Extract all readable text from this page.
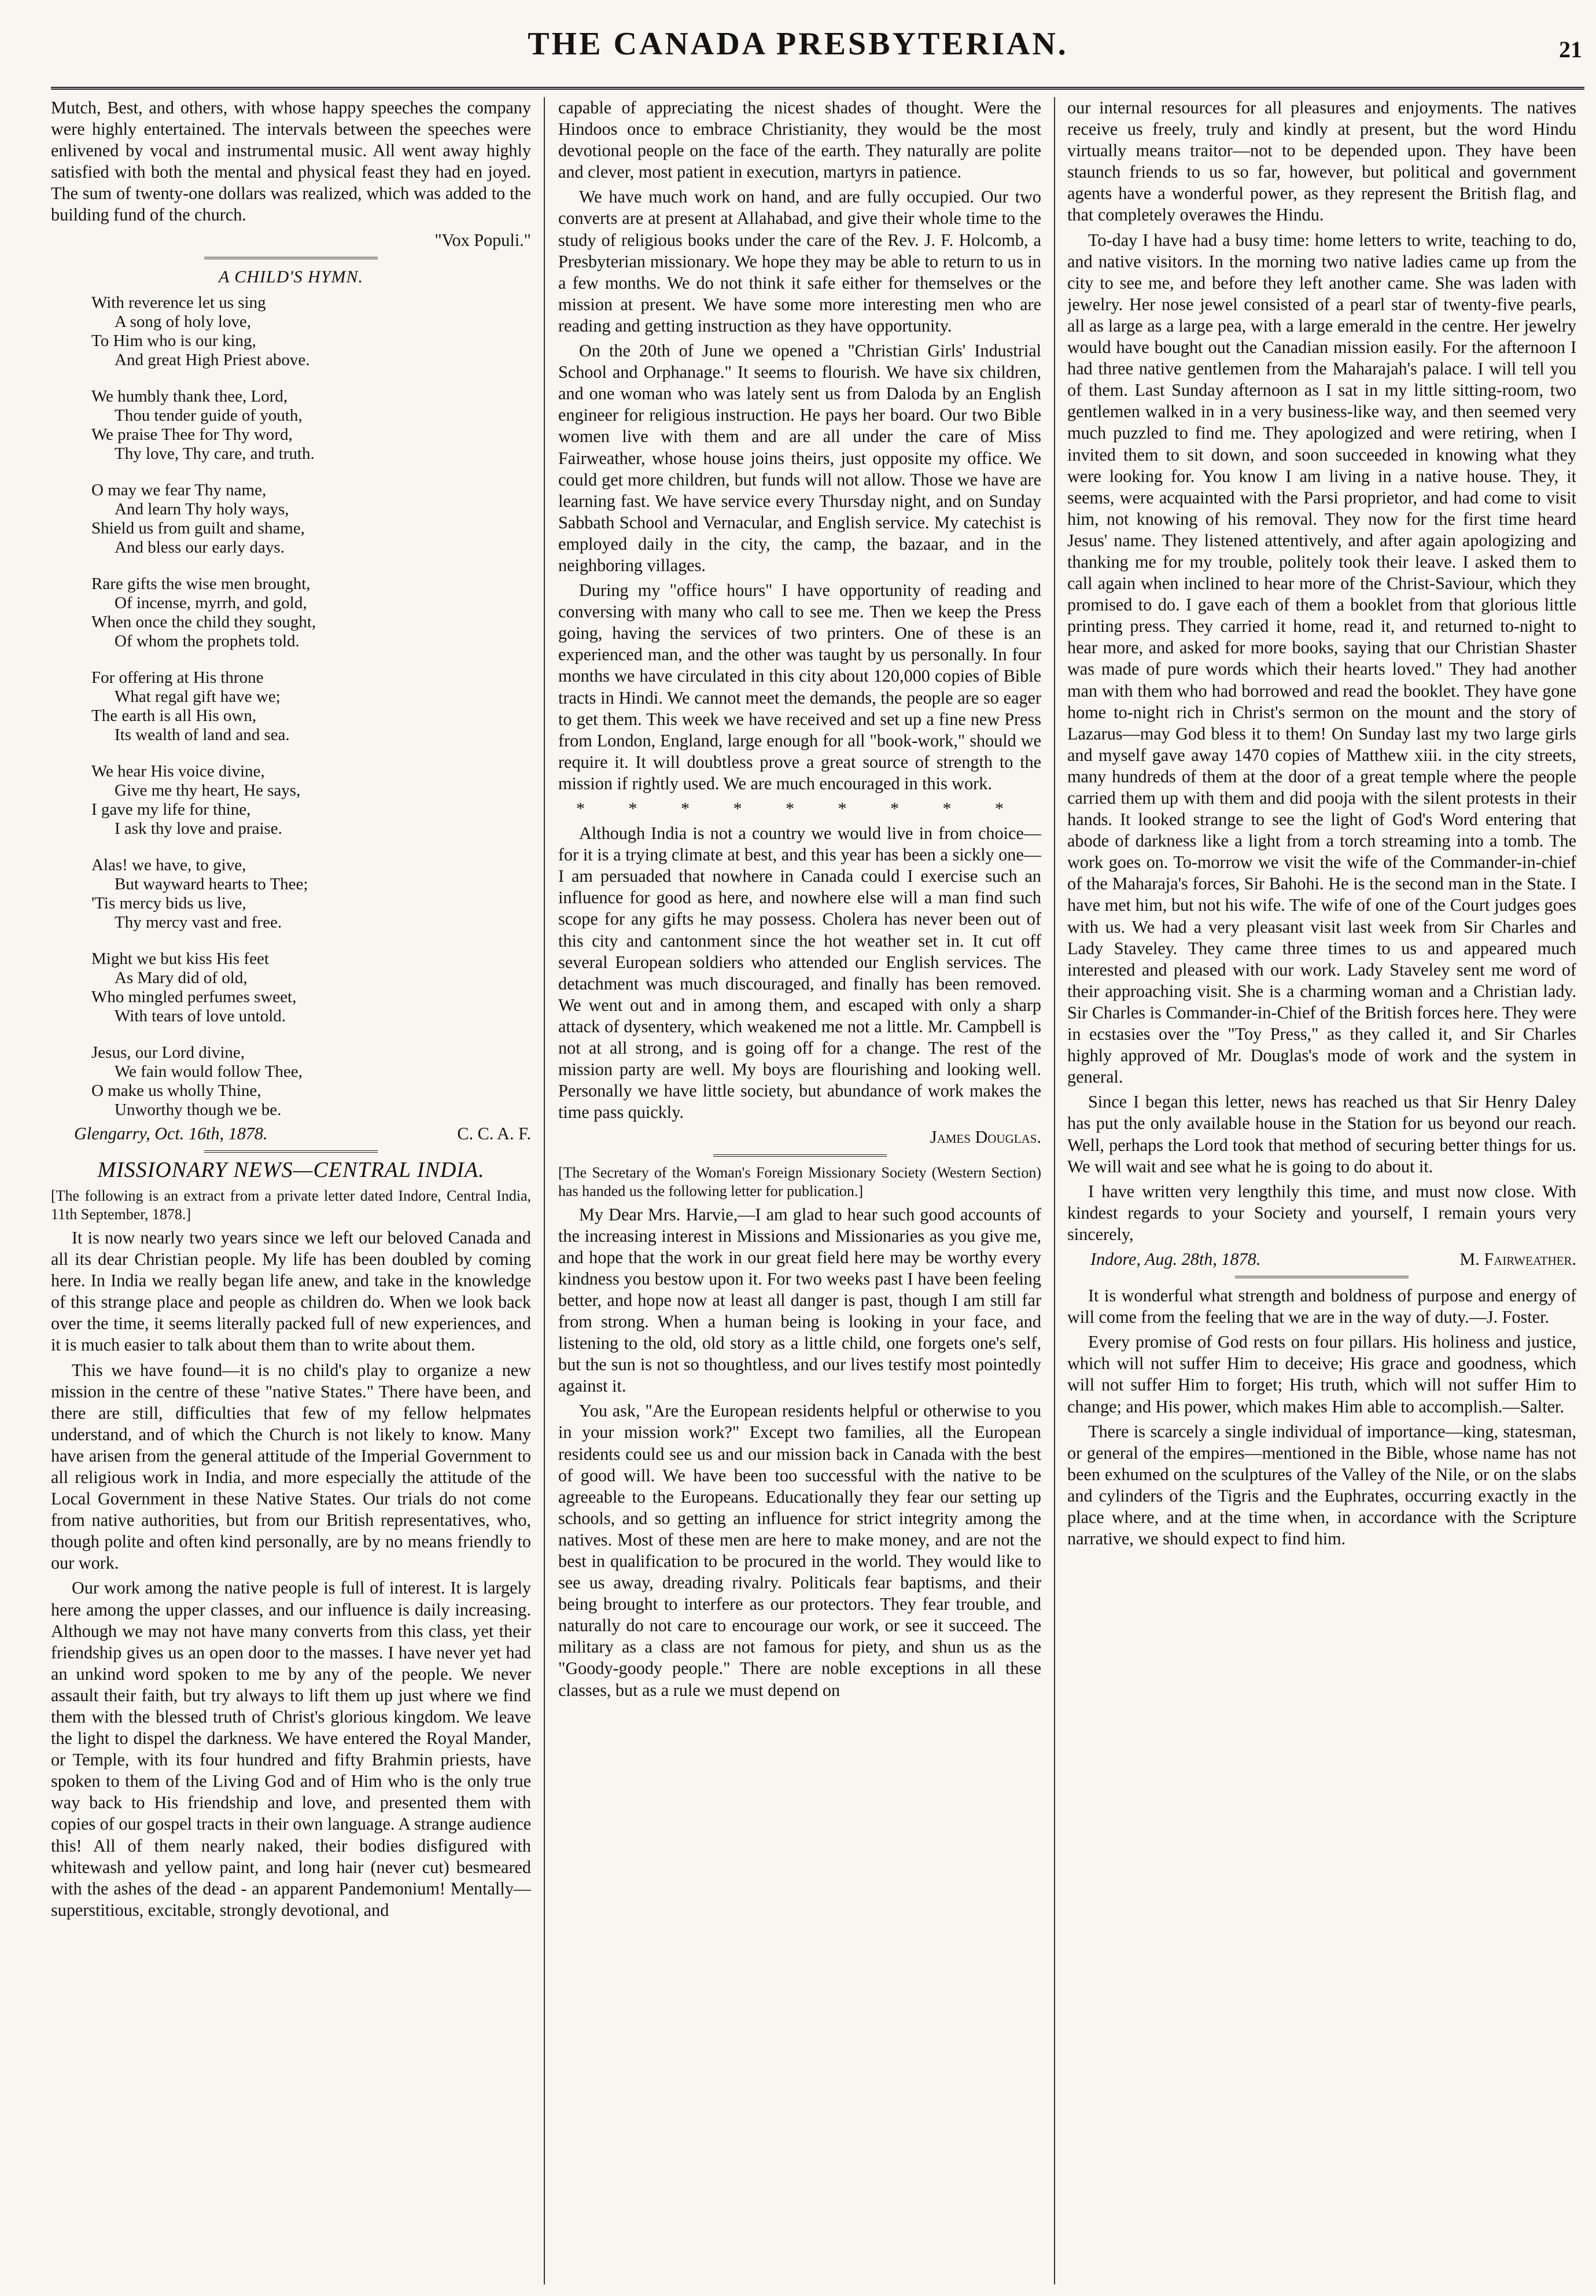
THE CANADA PRESBYTERIAN.	21

Mutch, Best, and others, with whose happy speeches the company were highly entertained. The intervals between the speeches were enlivened by vocal and instrumental music. All went away highly satisfied with both the mental and physical feast they had en joyed. The sum of twenty-one dollars was realized, which was added to the building fund of the church.

"Vox Populi."

A CHILD'S HYMN.
With reverence let us sing
A song of holy love,
To Him who is our king,
And great High Priest above.
We humbly thank thee, Lord,
Thou tender guide of youth,
We praise Thee for Thy word,
Thy love, Thy care, and truth.
O may we fear Thy name,
And learn Thy holy ways,
Shield us from guilt and shame,
And bless our early days.
Rare gifts the wise men brought,
Of incense, myrrh, and gold,
When once the child they sought,
Of whom the prophets told.
For offering at His throne
What regal gift have we;
The earth is all His own,
Its wealth of land and sea.
We hear His voice divine,
Give me thy heart, He says,
I gave my life for thine,
I ask thy love and praise.
Alas! we have, to give,
But wayward hearts to Thee;
'Tis mercy bids us live,
Thy mercy vast and free.
Might we but kiss His feet
As Mary did of old,
Who mingled perfumes sweet,
With tears of love untold.
Jesus, our Lord divine,
We fain would follow Thee,
O make us wholly Thine,
Unworthy though we be.
Glengarry, Oct. 16th, 1878.	C. C. A. F.
MISSIONARY NEWS—CENTRAL INDIA.

[The following is an extract from a private letter dated Indore, Central India, 11th September, 1878.]

It is now nearly two years since we left our beloved Canada and all its dear Christian people. My life has been doubled by coming here. In India we really began life anew, and take in the knowledge of this strange place and people as children do. When we look back over the time, it seems literally packed full of new experiences, and it is much easier to talk about them than to write about them.

This we have found—it is no child's play to organize a new mission in the centre of these "native States." There have been, and there are still, difficulties that few of my fellow helpmates understand, and of which the Church is not likely to know. Many have arisen from the general attitude of the Imperial Government to all religious work in India, and more especially the attitude of the Local Government in these Native States. Our trials do not come from native authorities, but from our British representatives, who, though polite and often kind personally, are by no means friendly to our work.

Our work among the native people is full of interest. It is largely here among the upper classes, and our influence is daily increasing. Although we may not have many converts from this class, yet their friendship gives us an open door to the masses. I have never yet had an unkind word spoken to me by any of the people. We never assault their faith, but try always to lift them up just where we find them with the blessed truth of Christ's glorious kingdom. We leave the light to dispel the darkness. We have entered the Royal Mander, or Temple, with its four hundred and fifty Brahmin priests, have spoken to them of the Living God and of Him who is the only true way back to His friendship and love, and presented them with copies of our gospel tracts in their own language. A strange audience this! All of them nearly naked, their bodies disfigured with whitewash and yellow paint, and long hair (never cut) besmeared with the ashes of the dead - an apparent Pandemonium! Mentally—superstitious, excitable, strongly devotional, and

capable of appreciating the nicest shades of thought. Were the Hindoos once to embrace Christianity, they would be the most devotional people on the face of the earth. They naturally are polite and clever, most patient in execution, martyrs in patience.

We have much work on hand, and are fully occupied. Our two converts are at present at Allahabad, and give their whole time to the study of religious books under the care of the Rev. J. F. Holcomb, a Presbyterian missionary. We hope they may be able to return to us in a few months. We do not think it safe either for themselves or the mission at present. We have some more interesting men who are reading and getting instruction as they have opportunity.

On the 20th of June we opened a "Christian Girls' Industrial School and Orphanage." It seems to flourish. We have six children, and one woman who was lately sent us from Daloda by an English engineer for religious instruction. He pays her board. Our two Bible women live with them and are all under the care of Miss Fairweather, whose house joins theirs, just opposite my office. We could get more children, but funds will not allow. Those we have are learning fast. We have service every Thursday night, and on Sunday Sabbath School and Vernacular, and English service. My catechist is employed daily in the city, the camp, the bazaar, and in the neighboring villages.

During my "office hours" I have opportunity of reading and conversing with many who call to see me. Then we keep the Press going, having the services of two printers. One of these is an experienced man, and the other was taught by us personally. In four months we have circulated in this city about 120,000 copies of Bible tracts in Hindi. We cannot meet the demands, the people are so eager to get them. This week we have received and set up a fine new Press from London, England, large enough for all "book-work," should we require it. It will doubtless prove a great source of strength to the mission if rightly used. We are much encouraged in this work.

* * * * * * * * *

Although India is not a country we would live in from choice—for it is a trying climate at best, and this year has been a sickly one—I am persuaded that nowhere in Canada could I exercise such an influence for good as here, and nowhere else will a man find such scope for any gifts he may possess. Cholera has never been out of this city and cantonment since the hot weather set in. It cut off several European soldiers who attended our English services. The detachment was much discouraged, and finally has been removed. We went out and in among them, and escaped with only a sharp attack of dysentery, which weakened me not a little. Mr. Campbell is not at all strong, and is going off for a change. The rest of the mission party are well. My boys are flourishing and looking well. Personally we have little society, but abundance of work makes the time pass quickly.

James Douglas.

[The Secretary of the Woman's Foreign Missionary Society (Western Section) has handed us the following letter for publication.]

My Dear Mrs. Harvie,—I am glad to hear such good accounts of the increasing interest in Missions and Missionaries as you give me, and hope that the work in our great field here may be worthy every kindness you bestow upon it. For two weeks past I have been feeling better, and hope now at least all danger is past, though I am still far from strong. When a human being is looking in your face, and listening to the old, old story as a little child, one forgets one's self, but the sun is not so thoughtless, and our lives testify most pointedly against it.

You ask, "Are the European residents helpful or otherwise to you in your mission work?" Except two families, all the European residents could see us and our mission back in Canada with the best of good will. We have been too successful with the native to be agreeable to the Europeans. Educationally they fear our setting up schools, and so getting an influence for strict integrity among the natives. Most of these men are here to make money, and are not the best in qualification to be procured in the world. They would like to see us away, dreading rivalry. Politicals fear baptisms, and their being brought to interfere as our protectors. They fear trouble, and naturally do not care to encourage our work, or see it succeed. The military as a class are not famous for piety, and shun us as the "Goody-goody people." There are noble exceptions in all these classes, but as a rule we must depend on

our internal resources for all pleasures and enjoyments. The natives receive us freely, truly and kindly at present, but the word Hindu virtually means traitor—not to be depended upon. They have been staunch friends to us so far, however, but political and government agents have a wonderful power, as they represent the British flag, and that completely overawes the Hindu.

To-day I have had a busy time: home letters to write, teaching to do, and native visitors. In the morning two native ladies came up from the city to see me, and before they left another came. She was laden with jewelry. Her nose jewel consisted of a pearl star of twenty-five pearls, all as large as a large pea, with a large emerald in the centre. Her jewelry would have bought out the Canadian mission easily. For the afternoon I had three native gentlemen from the Maharajah's palace. I will tell you of them. Last Sunday afternoon as I sat in my little sitting-room, two gentlemen walked in in a very business-like way, and then seemed very much puzzled to find me. They apologized and were retiring, when I invited them to sit down, and soon succeeded in knowing what they were looking for. You know I am living in a native house. They, it seems, were acquainted with the Parsi proprietor, and had come to visit him, not knowing of his removal. They now for the first time heard Jesus' name. They listened attentively, and after again apologizing and thanking me for my trouble, politely took their leave. I asked them to call again when inclined to hear more of the Christ-Saviour, which they promised to do. I gave each of them a booklet from that glorious little printing press. They carried it home, read it, and returned to-night to hear more, and asked for more books, saying that our Christian Shaster was made of pure words which their hearts loved." They had another man with them who had borrowed and read the booklet. They have gone home to-night rich in Christ's sermon on the mount and the story of Lazarus—may God bless it to them! On Sunday last my two large girls and myself gave away 1470 copies of Matthew xiii. in the city streets, many hundreds of them at the door of a great temple where the people carried them up with them and did pooja with the silent protests in their hands. It looked strange to see the light of God's Word entering that abode of darkness like a light from a torch streaming into a tomb. The work goes on. To-morrow we visit the wife of the Commander-in-chief of the Maharaja's forces, Sir Bahohi. He is the second man in the State. I have met him, but not his wife. The wife of one of the Court judges goes with us. We had a very pleasant visit last week from Sir Charles and Lady Staveley. They came three times to us and appeared much interested and pleased with our work. Lady Staveley sent me word of their approaching visit. She is a charming woman and a Christian lady. Sir Charles is Commander-in-Chief of the British forces here. They were in ecstasies over the "Toy Press," as they called it, and Sir Charles highly approved of Mr. Douglas's mode of work and the system in general.

Since I began this letter, news has reached us that Sir Henry Daley has put the only available house in the Station for us beyond our reach. Well, perhaps the Lord took that method of securing better things for us. We will wait and see what he is going to do about it.

I have written very lengthily this time, and must now close. With kindest regards to your Society and yourself, I remain yours very sincerely,

Indore, Aug. 28th, 1878.	M. Fairweather.

It is wonderful what strength and boldness of purpose and energy of will come from the feeling that we are in the way of duty.—J. Foster.

Every promise of God rests on four pillars. His holiness and justice, which will not suffer Him to deceive; His grace and goodness, which will not suffer Him to forget; His truth, which will not suffer Him to change; and His power, which makes Him able to accomplish.—Salter.

There is scarcely a single individual of importance—king, statesman, or general of the empires—mentioned in the Bible, whose name has not been exhumed on the sculptures of the Valley of the Nile, or on the slabs and cylinders of the Tigris and the Euphrates, occurring exactly in the place where, and at the time when, in accordance with the Scripture narrative, we should expect to find him.
